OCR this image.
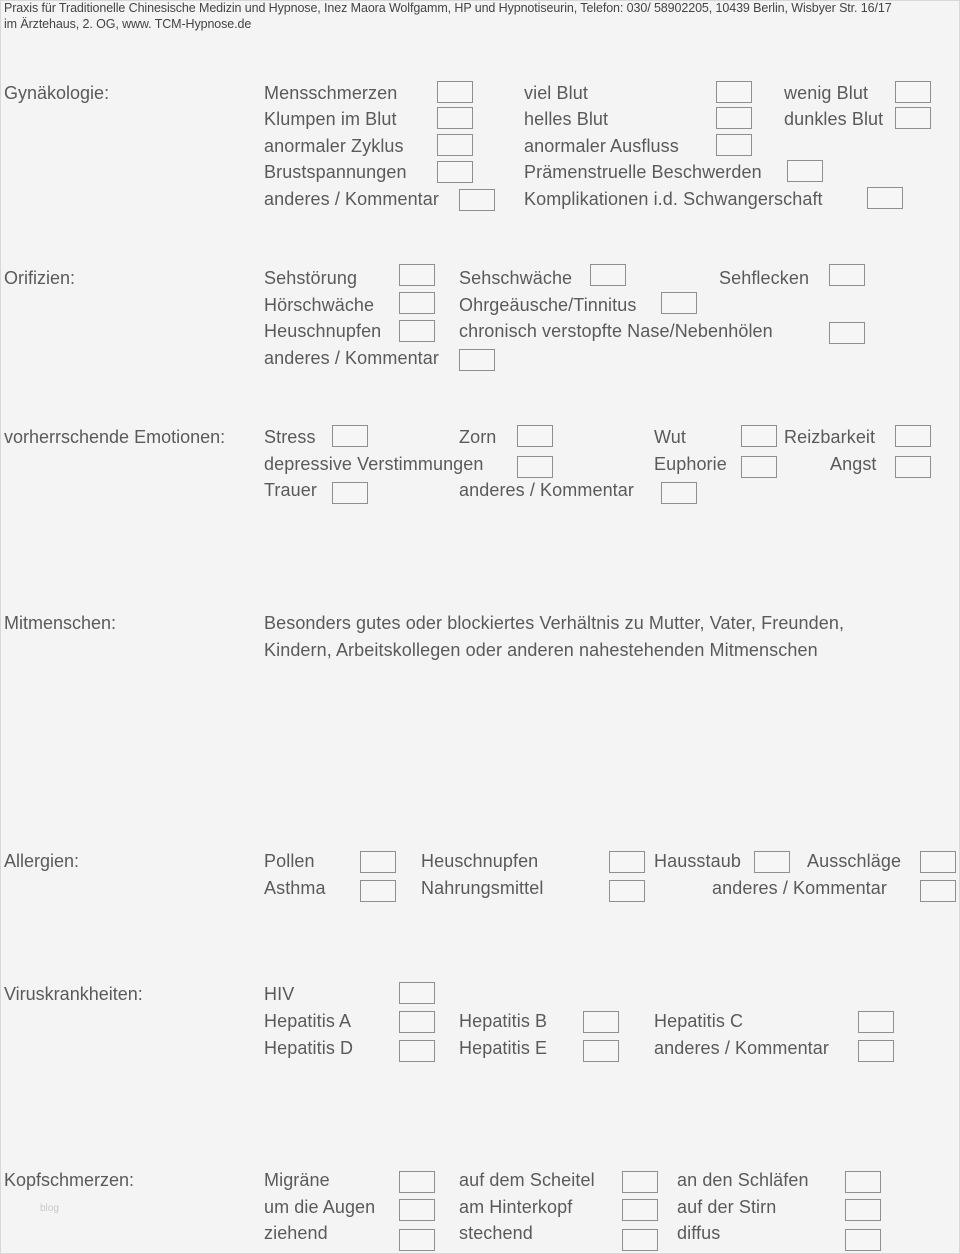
Praxis für Traditionelle Chinesische Medizin und Hypnose, Inez Maora Wolfgamm, HP und Hypnotiseurin, Telefon: 030/ 58902205, 10439 Berlin, Wisbyer Str. 16/17
im Ärztehaus, 2. OG, www. TCM-Hypnose.de
Gynäkologie:	Mensschmerzen	viel Blut	wenig Blut
Klumpen im Blut	helles Blut	dunkles Blut
anormaler Zyklus	anormaler Ausfluss
Brustspannungen	Prämenstruelle Beschwerden
anderes / Kommentar	Komplikationen i.d. Schwangerschaft
Orifizien:	Sehstörung	Sehschwäche	Sehflecken
Hörschwäche	Ohrgeäusche/Tinnitus
Heuschnupfen	chronisch verstopfte Nase/Nebenhölen
anderes / Kommentar
vorherrschende Emotionen: Stress	Zorn	Wut	Reizbarkeit
depressive Verstimmungen	Euphorie	Angst
Trauer	anderes / Kommentar
Mitmenschen:	Besonders gutes oder blockiertes Verhältnis zu Mutter, Vater, Freunden,
Kindern, Arbeitskollegen oder anderen nahestehenden Mitmenschen
Allergien:	Pollen	Heuschnupfen	Hausstaub	Ausschläge
Asthma	Nahrungsmittel	anderes / Kommentar
Viruskrankheiten:	HIV
Hepatitis A	Hepatitis B	Hepatitis C
Hepatitis D	Hepatitis E	anderes / Kommentar
Kopfschmerzen:	Migräne	auf dem Scheitel	an den Schläfen
um die Augen	am Hinterkopf	auf der Stirn
ziehend	stechend	diffus
blog
